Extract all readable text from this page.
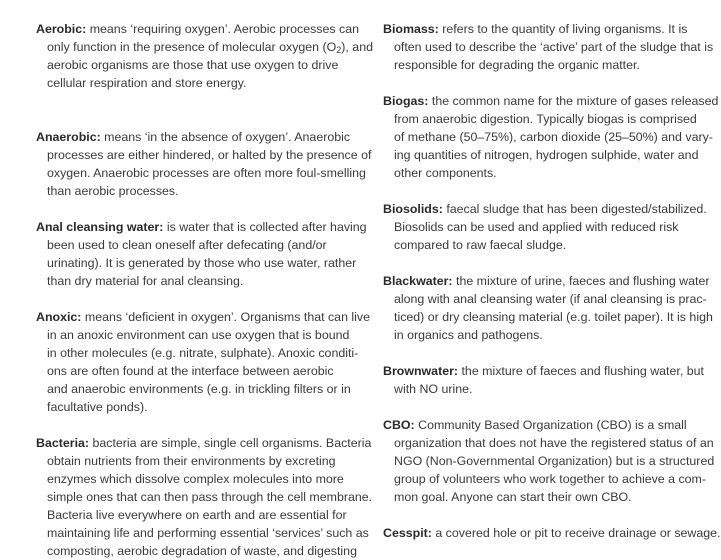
Aerobic: means ‘requiring oxygen’. Aerobic processes can
only function in the presence of molecular oxygen $(O_2)$, and
aerobic organisms are those that use oxygen to drive
cellular respiration and store energy.
Anaerobic: means ‘in the absence of oxygen’. Anaerobic
processes are either hindered, or halted by the presence of
oxygen. Anaerobic processes are often more foul-smelling
than aerobic processes.
Anal cleansing water: is water that is collected after having
been used to clean oneself after defecating (and/or
urinating). It is generated by those who use water, rather
than dry material for anal cleansing.
Anoxic: means ‘deficient in oxygen’. Organisms that can live
in an anoxic environment can use oxygen that is bound
in other molecules (e.g. nitrate, sulphate). Anoxic conditi-
ons are often found at the interface between aerobic
and anaerobic environments (e.g. in trickling filters or in
facultative ponds).
Bacteria: bacteria are simple, single cell organisms. Bacteria
obtain nutrients from their environments by excreting
enzymes which dissolve complex molecules into more
simple ones that can then pass through the cell membrane.
Bacteria live everywhere on earth and are essential for
maintaining life and performing essential ‘services’ such as
composting, aerobic degradation of waste, and digesting
Biomass: refers to the quantity of living organisms. It is
often used to describe the ‘active’ part of the sludge that is
responsible for degrading the organic matter.
Biogas: the common name for the mixture of gases released
from anaerobic digestion. Typically biogas is comprised
of methane (50–75%), carbon dioxide (25–50%) and vary-
ing quantities of nitrogen, hydrogen sulphide, water and
other components.
Biosolids: faecal sludge that has been digested/stabilized.
Biosolids can be used and applied with reduced risk
compared to raw faecal sludge.
Blackwater: the mixture of urine, faeces and flushing water
along with anal cleansing water (if anal cleansing is prac-
ticed) or dry cleansing material (e.g. toilet paper). It is high
in organics and pathogens.
Brownwater: the mixture of faeces and flushing water, but
with NO urine.
CBO: Community Based Organization (CBO) is a small
organization that does not have the registered status of an
NGO (Non-Governmental Organization) but is a structured
group of volunteers who work together to achieve a com-
mon goal. Anyone can start their own CBO.
Cesspit: a covered hole or pit to receive drainage or sewage.
